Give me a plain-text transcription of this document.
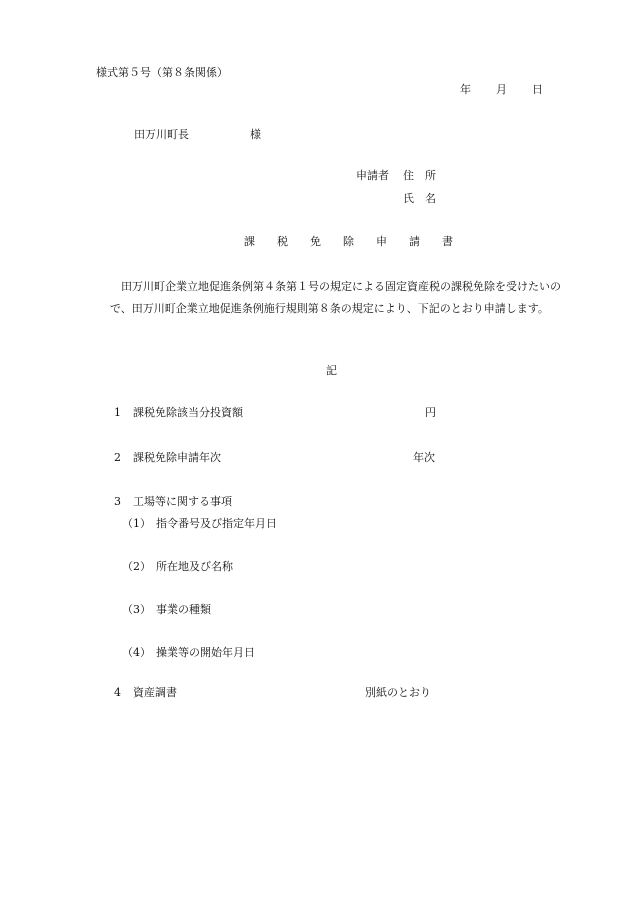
様式第５号（第８条関係）
年 月 日
田万川町長	様
申請者 住　所
氏　名
課　　税　　免　　除　　申　　請　　書
田万川町企業立地促進条例第４条第１号の規定による固定資産税の課税免除を受けたいので、田万川町企業立地促進条例施行規則第８条の規定により、下記のとおり申請します。
記
1 課税免除該当分投資額	円
2 課税免除申請年次	年次
3 工場等に関する事項
（1） 指令番号及び指定年月日
（2） 所在地及び名称
（3） 事業の種類
（4） 操業等の開始年月日
4 資産調書	別紙のとおり
